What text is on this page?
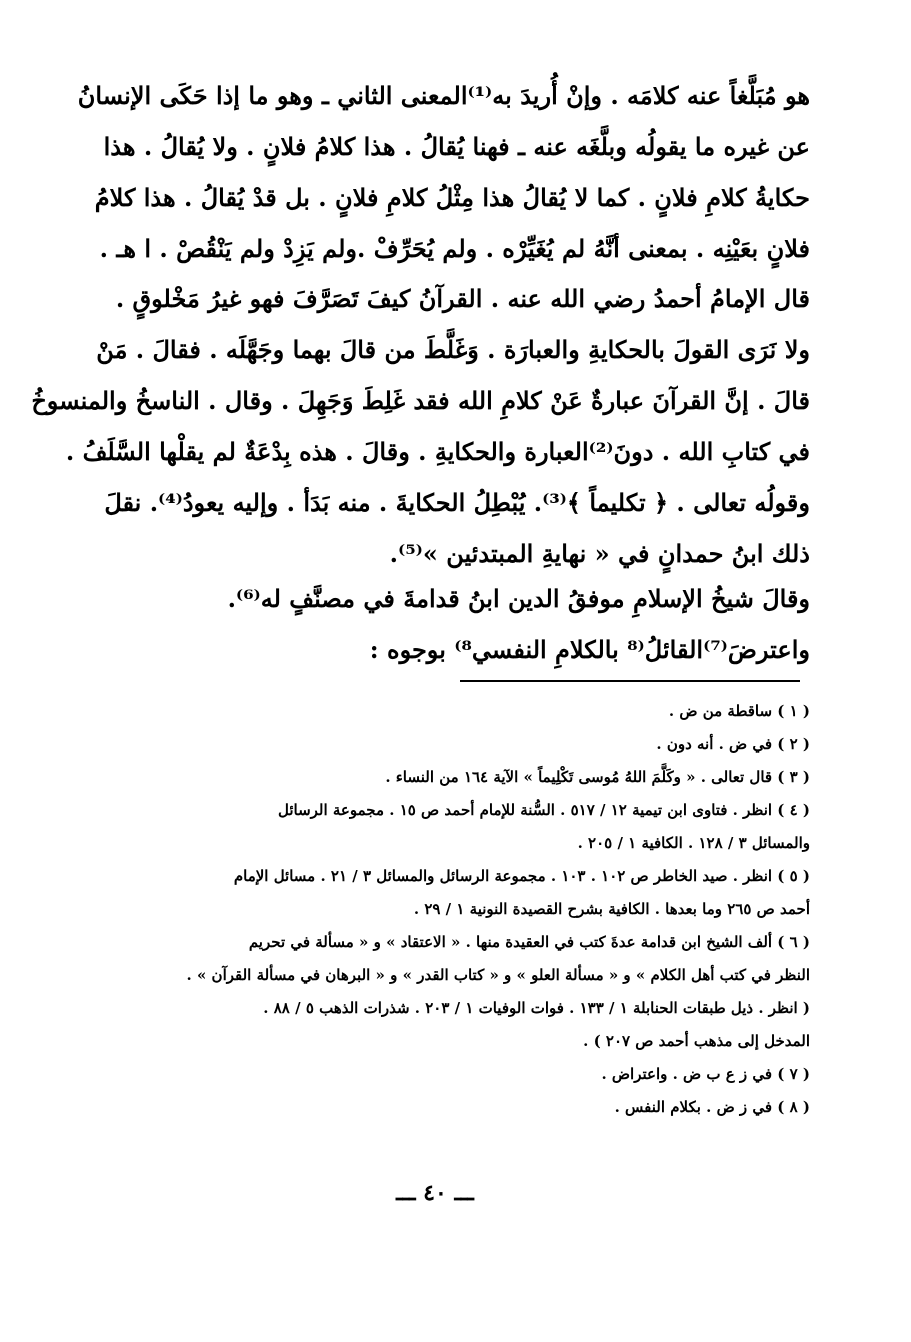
هو مُبَلَّغاً عنه كلامَه . وإنْ أُريدَ به⁽¹⁾المعنى الثاني ـ وهو ما إذا حَكَى الإنسانُ
عن غيره ما يقولُه وبلَّغَه عنه ـ فهنا يُقالُ . هذا كلامُ فلانٍ . ولا يُقالُ . هذا
حكايةُ كلامِ فلانٍ . كما لا يُقالُ هذا مِثْلُ كلامِ فلانٍ . بل قدْ يُقالُ . هذا كلامُ
فلانٍ بعَيْنِه . بمعنى أنَّهُ لم يُغَيِّرْه . ولم يُحَرِّفْ .ولم يَزِدْ ولم يَنْقُصْ . ا هـ .
قال الإمامُ أحمدُ رضي الله عنه . القرآنُ كيفَ تَصَرَّفَ فهو غيرُ مَخْلوقٍ .
ولا نَرَى القولَ بالحكايةِ والعبارَة . وَغَلَّطَ من قالَ بهما وجَهَّلَه . فقالَ . مَنْ
قالَ . إنَّ القرآنَ عبارةٌ عَنْ كلامِ الله فقد غَلِطَ وَجَهِلَ . وقال . الناسخُ والمنسوخُ
في كتابِ الله . دونَ⁽²⁾العبارة والحكايةِ . وقالَ . هذه بِدْعَةٌ لم يقلْها السَّلَفُ .
وقولُه تعالى . ﴿ تكليماً ﴾⁽³⁾. يُبْطِلُ الحكايةَ . منه بَدَأ . وإليه يعودُ⁽⁴⁾. نقلَ
ذلك ابنُ حمدانٍ في « نهايةِ المبتدئين »⁽⁵⁾.
وقالَ شيخُ الإسلامِ موفقُ الدين ابنُ قدامةَ في مصنَّفٍ له⁽⁶⁾.
واعترضَ⁽⁷⁾القائلُ⁽⁸ بالكلامِ النفسي⁸⁾ بوجوه :
( ١ ) ساقطة من ض .
( ٢ ) في ض . أنه دون .
( ٣ ) قال تعالى . « وكَلَّمَ اللهُ مُوسى تَكْلِيماً » الآية ١٦٤ من النساء .
( ٤ ) انظر . فتاوى ابن تيمية ١٢ / ٥١٧ . السُّنة للإمام أحمد ص ١٥ . مجموعة الرسائل
والمسائل ٣ / ١٢٨ . الكافية ١ / ٢٠٥ .
( ٥ ) انظر . صيد الخاطر ص ١٠٢ . ١٠٣ . مجموعة الرسائل والمسائل ٣ / ٢١ . مسائل الإمام
أحمد ص ٢٦٥ وما بعدها . الكافية بشرح القصيدة النونية ١ / ٢٩ .
( ٦ ) ألف الشيخ ابن قدامة عدةَ كتب في العقيدة منها . « الاعتقاد » و « مسألة في تحريم
النظر في كتب أهل الكلام » و « مسألة العلو » و « كتاب القدر » و « البرهان في مسألة القرآن » .
( انظر . ذيل طبقات الحنابلة ١ / ١٣٣ . فوات الوفيات ١ / ٢٠٣ . شذرات الذهب ٥ / ٨٨ .
المدخل إلى مذهب أحمد ص ٢٠٧ ) .
( ٧ ) في ز ع ب ض . واعتراض .
( ٨ ) في ز ض . بكلام النفس .
ـــ ٤٠ ـــ
